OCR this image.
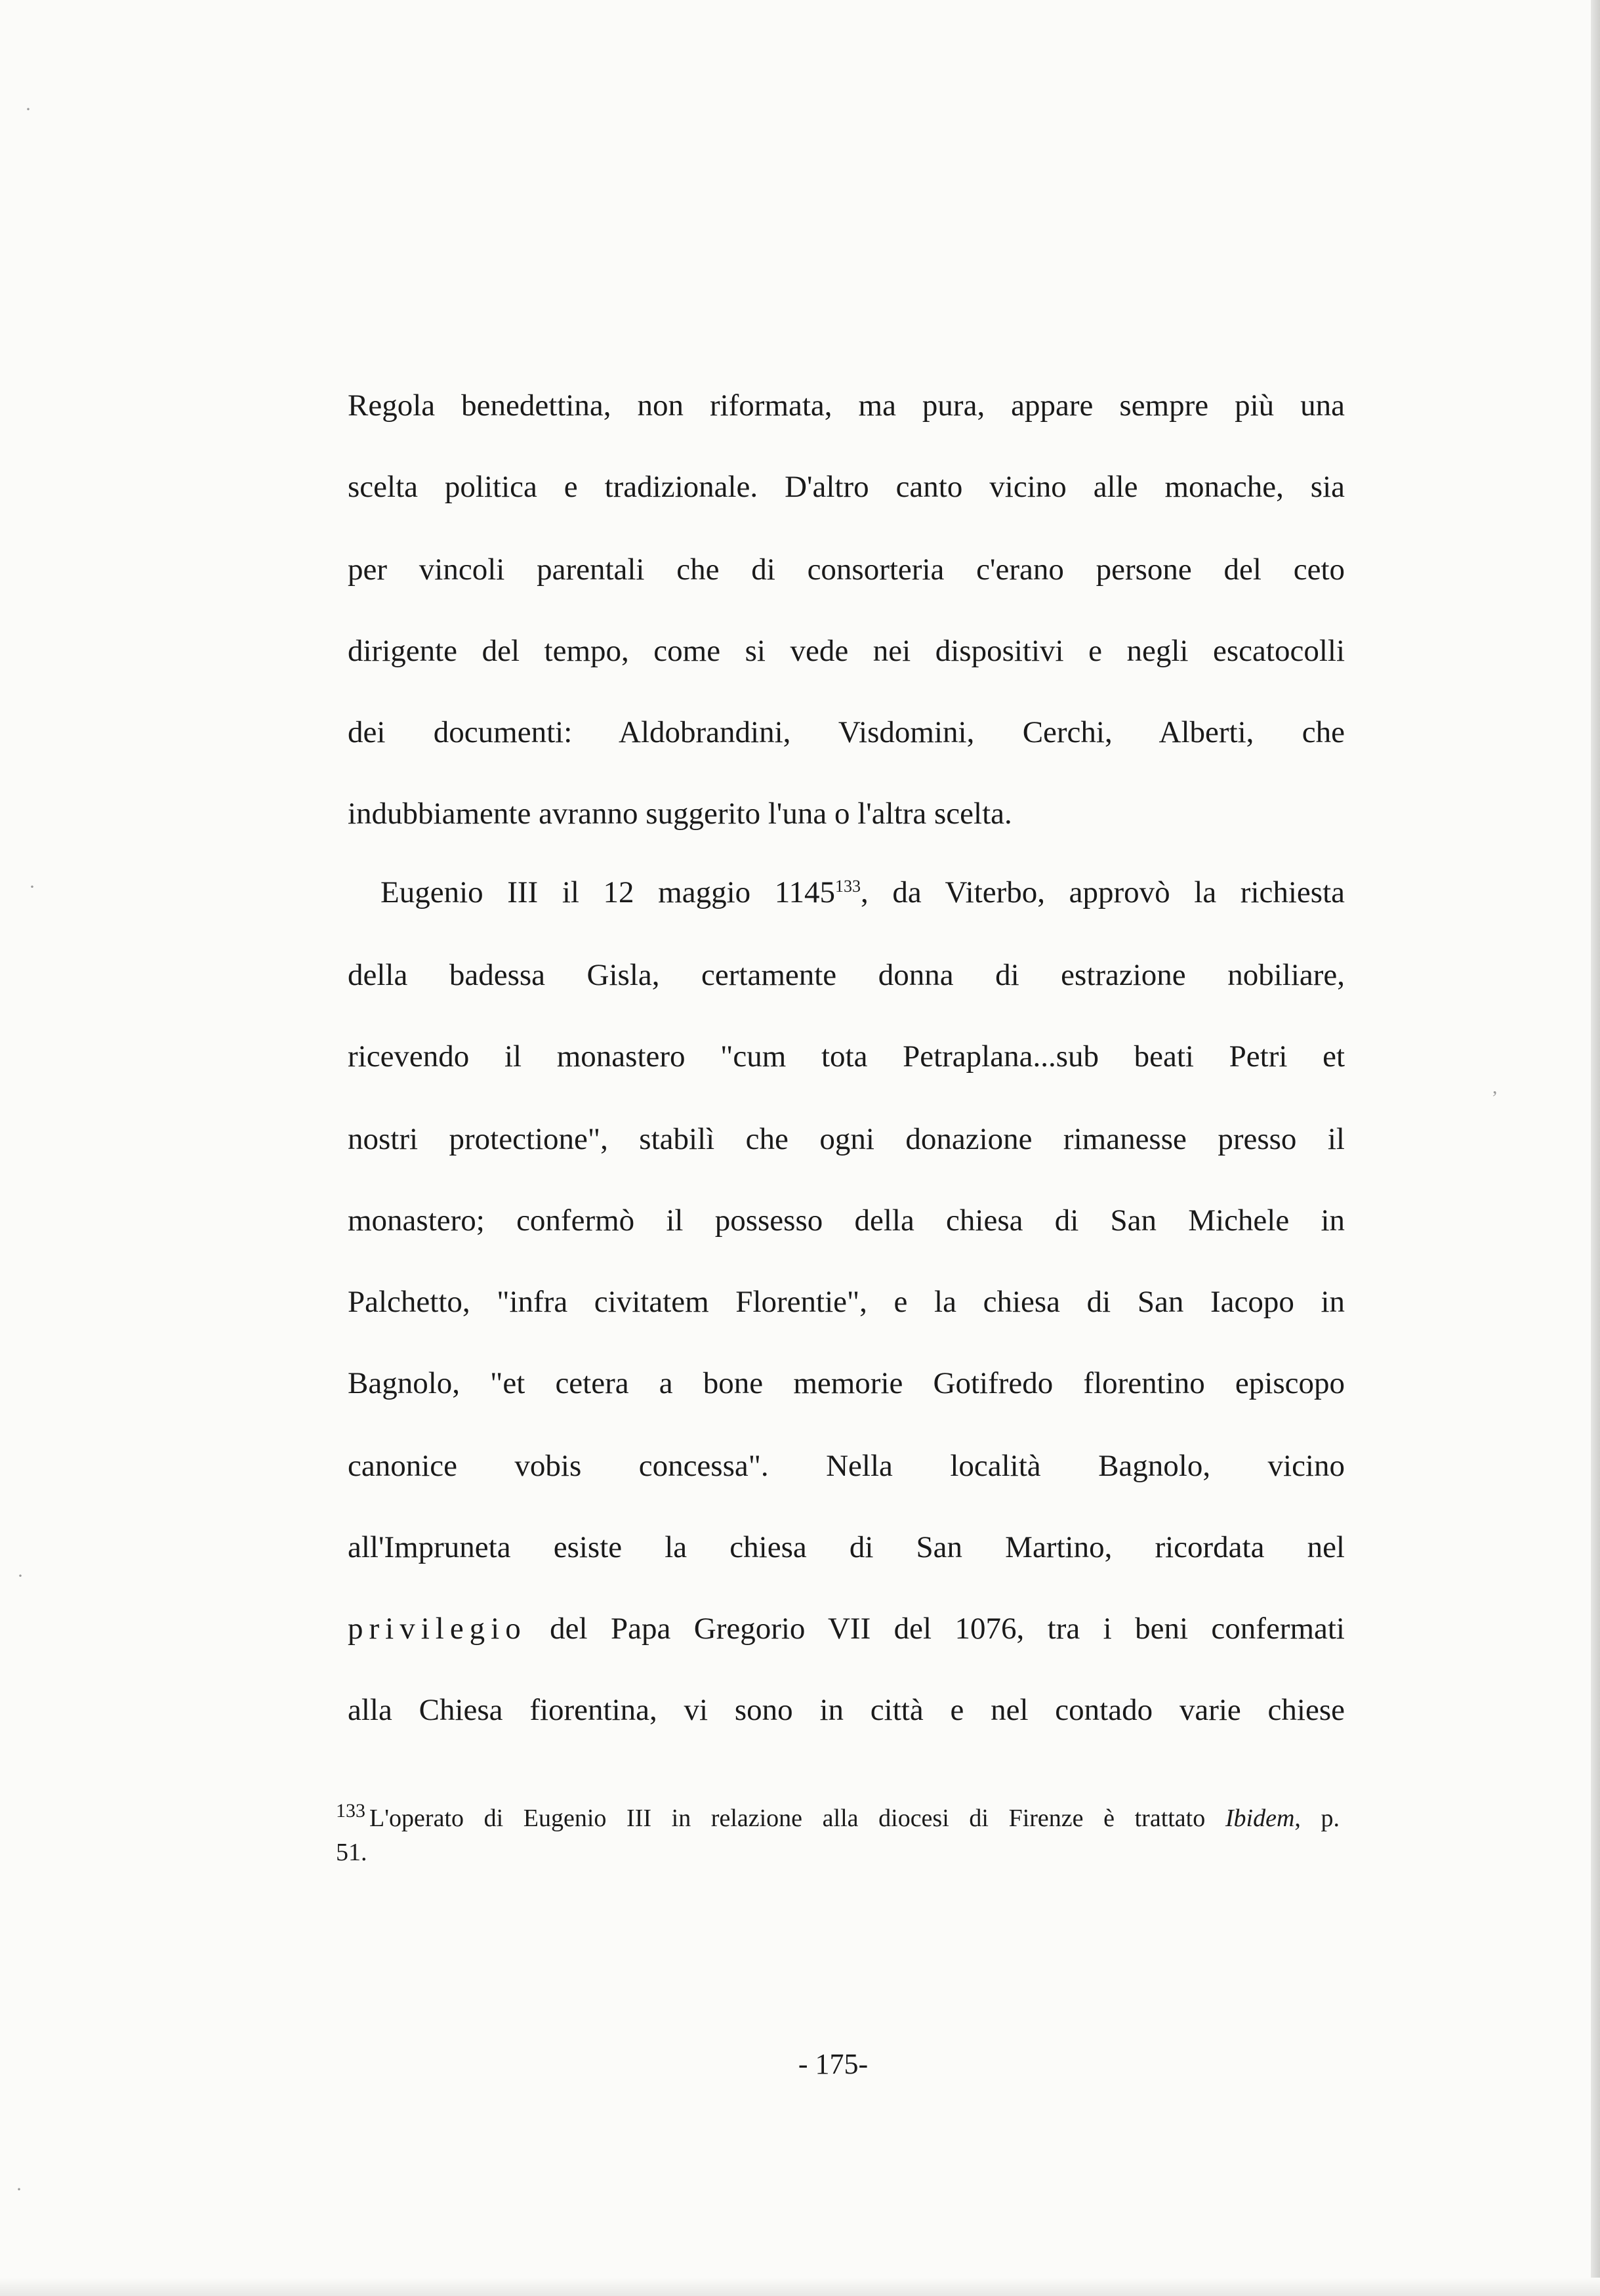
·
·
·
·
,
Regola benedettina, non riformata, ma pura, appare sempre più una
scelta politica e tradizionale. D'altro canto vicino alle monache, sia
per vincoli parentali che di consorteria c'erano persone del ceto
dirigente del tempo, come si vede nei dispositivi e negli escatocolli
dei documenti: Aldobrandini, Visdomini, Cerchi, Alberti, che
indubbiamente avranno suggerito l'una o l'altra scelta.
Eugenio III il 12 maggio 1145$^{133}$, da Viterbo, approvò la richiesta
della badessa Gisla, certamente donna di estrazione nobiliare,
ricevendo il monastero "cum tota Petraplana...sub beati Petri et
nostri protectione", stabilì che ogni donazione rimanesse presso il
monastero; confermò il possesso della chiesa di San Michele in
Palchetto, "infra civitatem Florentie", e la chiesa di San Iacopo in
Bagnolo, "et cetera a bone memorie Gotifredo florentino episcopo
canonice vobis concessa". Nella località Bagnolo, vicino
all'Impruneta esiste la chiesa di San Martino, ricordata nel
privilegio del Papa Gregorio VII del 1076, tra i beni confermati
alla Chiesa fiorentina, vi sono in città e nel contado varie chiese
$^{133}$ L'operato di Eugenio III in relazione alla diocesi di Firenze è trattato Ibidem, p.
51.
- 175-
